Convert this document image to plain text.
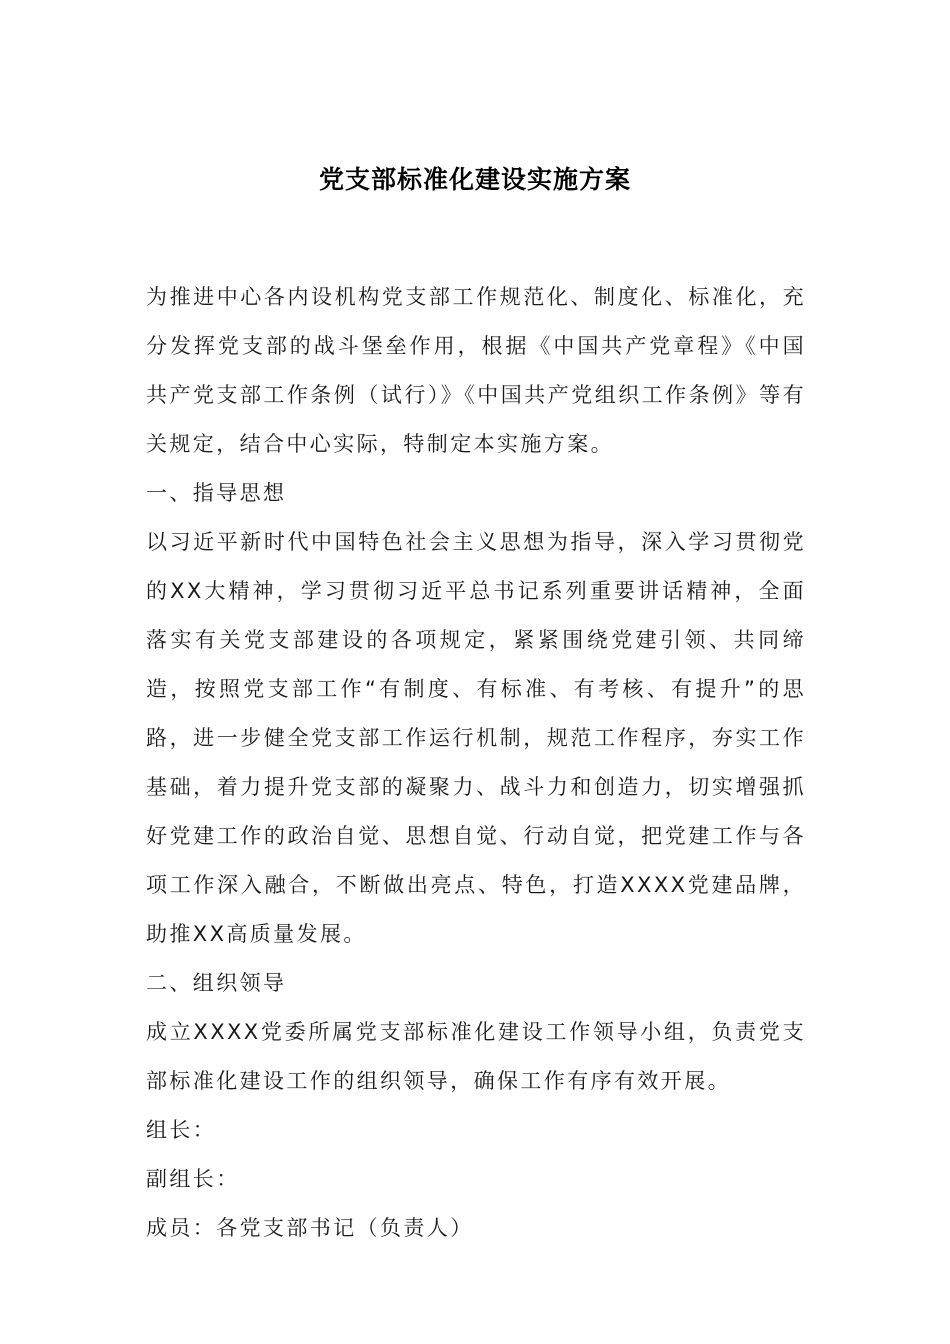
党支部标准化建设实施方案

为推进中心各内设机构党支部工作规范化、制度化、标准化，充分发挥党支部的战斗堡垒作用，根据《中国共产党章程》《中国共产党支部工作条例（试行）》《中国共产党组织工作条例》等有关规定，结合中心实际，特制定本实施方案。

一、指导思想

以习近平新时代中国特色社会主义思想为指导，深入学习贯彻党的XX大精神，学习贯彻习近平总书记系列重要讲话精神，全面落实有关党支部建设的各项规定，紧紧围绕党建引领、共同缔造，按照党支部工作“有制度、有标准、有考核、有提升”的思路，进一步健全党支部工作运行机制，规范工作程序，夯实工作基础，着力提升党支部的凝聚力、战斗力和创造力，切实增强抓好党建工作的政治自觉、思想自觉、行动自觉，把党建工作与各项工作深入融合，不断做出亮点、特色，打造XXXX党建品牌，助推XX高质量发展。

二、组织领导

成立XXXX党委所属党支部标准化建设工作领导小组，负责党支部标准化建设工作的组织领导，确保工作有序有效开展。

组长：

副组长：

成员：各党支部书记（负责人）
